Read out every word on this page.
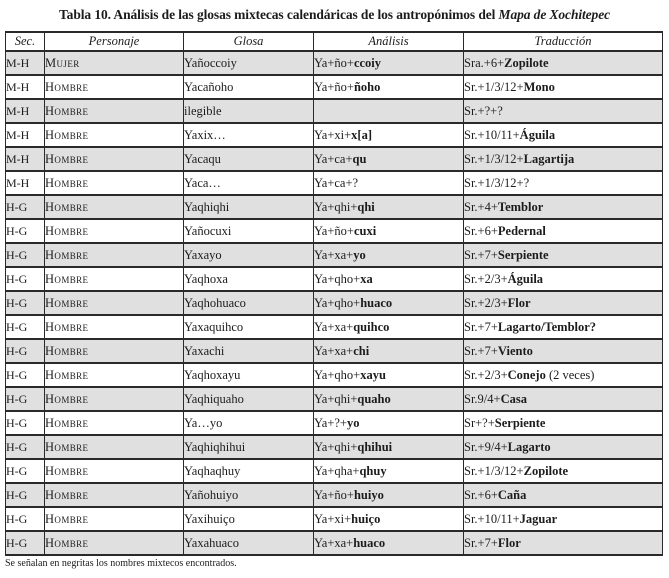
Tabla 10. Análisis de las glosas mixtecas calendáricas de los antropónimos del Mapa de Xochitepec
Sec.	Personaje	Glosa	Análisis	Traducción
M-H	Mujer	Yañoccoiy	Ya+ño+ccoiy	Sra.+6+Zopilote
M-H	Hombre	Yacañoho	Ya+ño+ñoho	Sr.+1/3/12+Mono
M-H	Hombre	ilegible		Sr.+?+?
M-H	Hombre	Yaxix…	Ya+xi+x[a]	Sr.+10/11+Águila
M-H	Hombre	Yacaqu	Ya+ca+qu	Sr.+1/3/12+Lagartija
M-H	Hombre	Yaca…	Ya+ca+?	Sr.+1/3/12+?
H-G	Hombre	Yaqhiqhi	Ya+qhi+qhi	Sr.+4+Temblor
H-G	Hombre	Yañocuxi	Ya+ño+cuxi	Sr.+6+Pedernal
H-G	Hombre	Yaxayo	Ya+xa+yo	Sr.+7+Serpiente
H-G	Hombre	Yaqhoxa	Ya+qho+xa	Sr.+2/3+Águila
H-G	Hombre	Yaqhohuaco	Ya+qho+huaco	Sr.+2/3+Flor
H-G	Hombre	Yaxaquihco	Ya+xa+quihco	Sr.+7+Lagarto/Temblor?
H-G	Hombre	Yaxachi	Ya+xa+chi	Sr.+7+Viento
H-G	Hombre	Yaqhoxayu	Ya+qho+xayu	Sr.+2/3+Conejo (2 veces)
H-G	Hombre	Yaqhiquaho	Ya+qhi+quaho	Sr.9/4+Casa
H-G	Hombre	Ya…yo	Ya+?+yo	Sr+?+Serpiente
H-G	Hombre	Yaqhiqhihui	Ya+qhi+qhihui	Sr.+9/4+Lagarto
H-G	Hombre	Yaqhaqhuy	Ya+qha+qhuy	Sr.+1/3/12+Zopilote
H-G	Hombre	Yañohuiyo	Ya+ño+huiyo	Sr.+6+Caña
H-G	Hombre	Yaxihuiço	Ya+xi+huiço	Sr.+10/11+Jaguar
H-G	Hombre	Yaxahuaco	Ya+xa+huaco	Sr.+7+Flor
Se señalan en negritas los nombres mixtecos encontrados.
